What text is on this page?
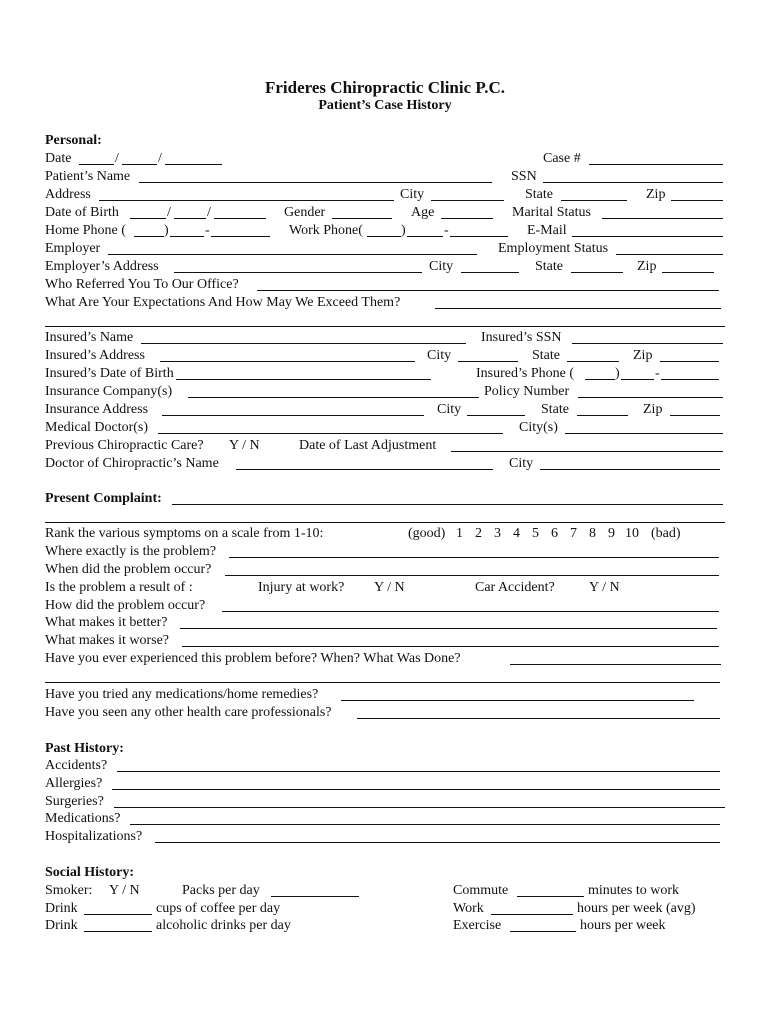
Frideres Chiropractic Clinic P.C.
Patient’s Case History
Personal:
Date	/	/	Case #
Patient’s Name	SSN
Address	City	State	Zip
Date of Birth	/	/	Gender	Age	Marital Status
Home Phone (	)	-	Work Phone(	)	-	E-Mail
Employer	Employment Status
Employer’s Address	City	State	Zip
Who Referred You To Our Office?
What Are Your Expectations And How May We Exceed Them?
Insured’s Name	Insured’s SSN
Insured’s Address	City	State	Zip
Insured’s Date of Birth	Insured’s Phone (	)	-
Insurance Company(s)	Policy Number
Insurance Address	City	State	Zip
Medical Doctor(s)	City(s)
Previous Chiropractic Care? Y / N	Date of Last Adjustment
Doctor of Chiropractic’s Name	City
Present Complaint:
Rank the various symptoms on a scale from 1-10:	(good) 1 2 3 4 5 6 7 8 9 10 (bad)
Where exactly is the problem?
When did the problem occur?
Is the problem a result of :	Injury at work? Y / N	Car Accident? Y / N
How did the problem occur?
What makes it better?
What makes it worse?
Have you ever experienced this problem before? When? What Was Done?
Have you tried any medications/home remedies?
Have you seen any other health care professionals?
Past History:
Accidents?
Allergies?
Surgeries?
Medications?
Hospitalizations?
Social History:
Smoker: Y / N	Packs per day	Commute	minutes to work
Drink	cups of coffee per day	Work	hours per week (avg)
Drink	alcoholic drinks per day	Exercise	hours per week
